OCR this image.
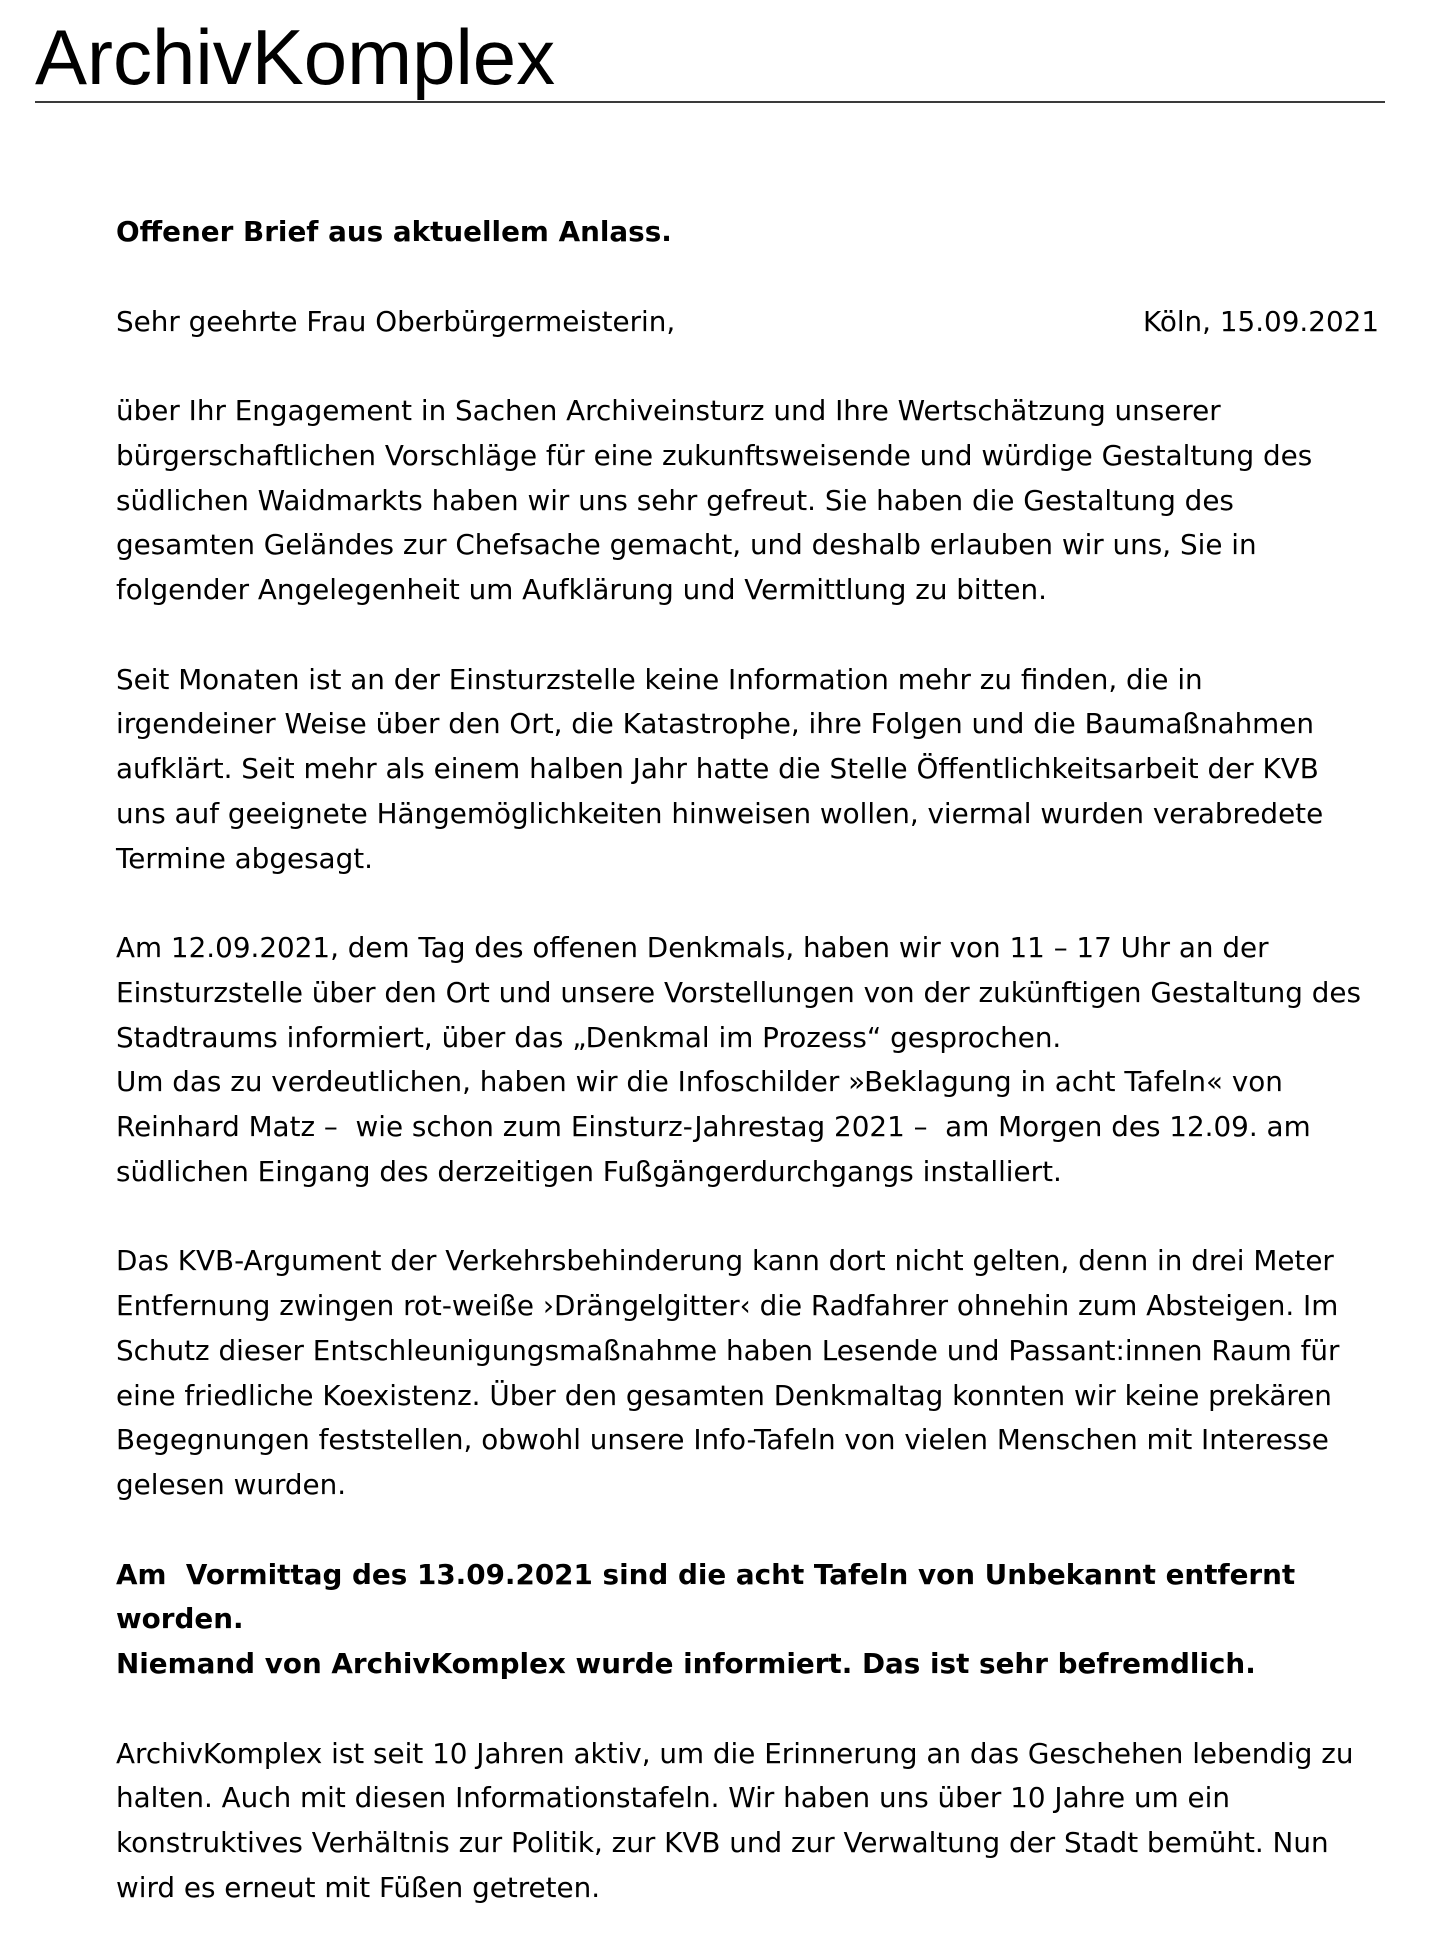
ArchivKomplex
Offener Brief aus aktuellem Anlass.
Sehr geehrte Frau Oberbürgermeisterin,	Köln, 15.09.2021
über Ihr Engagement in Sachen Archiveinsturz und Ihre Wertschätzung unserer
bürgerschaftlichen Vorschläge für eine zukunftsweisende und würdige Gestaltung des
südlichen Waidmarkts haben wir uns sehr gefreut. Sie haben die Gestaltung des
gesamten Geländes zur Chefsache gemacht, und deshalb erlauben wir uns, Sie in
folgender Angelegenheit um Aufklärung und Vermittlung zu bitten.
Seit Monaten ist an der Einsturzstelle keine Information mehr zu finden, die in
irgendeiner Weise über den Ort, die Katastrophe, ihre Folgen und die Baumaßnahmen
aufklärt. Seit mehr als einem halben Jahr hatte die Stelle Öffentlichkeitsarbeit der KVB
uns auf geeignete Hängemöglichkeiten hinweisen wollen, viermal wurden verabredete
Termine abgesagt.
Am 12.09.2021, dem Tag des offenen Denkmals, haben wir von 11 – 17 Uhr an der
Einsturzstelle über den Ort und unsere Vorstellungen von der zukünftigen Gestaltung des
Stadtraums informiert, über das „Denkmal im Prozess“ gesprochen.
Um das zu verdeutlichen, haben wir die Infoschilder »Beklagung in acht Tafeln« von
Reinhard Matz –  wie schon zum Einsturz-Jahrestag 2021 –  am Morgen des 12.09. am
südlichen Eingang des derzeitigen Fußgängerdurchgangs installiert.
Das KVB-Argument der Verkehrsbehinderung kann dort nicht gelten, denn in drei Meter
Entfernung zwingen rot-weiße ›Drängelgitter‹ die Radfahrer ohnehin zum Absteigen. Im
Schutz dieser Entschleunigungsmaßnahme haben Lesende und Passant:innen Raum für
eine friedliche Koexistenz. Über den gesamten Denkmaltag konnten wir keine prekären
Begegnungen feststellen, obwohl unsere Info-Tafeln von vielen Menschen mit Interesse
gelesen wurden.
Am  Vormittag des 13.09.2021 sind die acht Tafeln von Unbekannt entfernt
worden.
Niemand von ArchivKomplex wurde informiert. Das ist sehr befremdlich.
ArchivKomplex ist seit 10 Jahren aktiv, um die Erinnerung an das Geschehen lebendig zu
halten. Auch mit diesen Informationstafeln. Wir haben uns über 10 Jahre um ein
konstruktives Verhältnis zur Politik, zur KVB und zur Verwaltung der Stadt bemüht. Nun
wird es erneut mit Füßen getreten.
